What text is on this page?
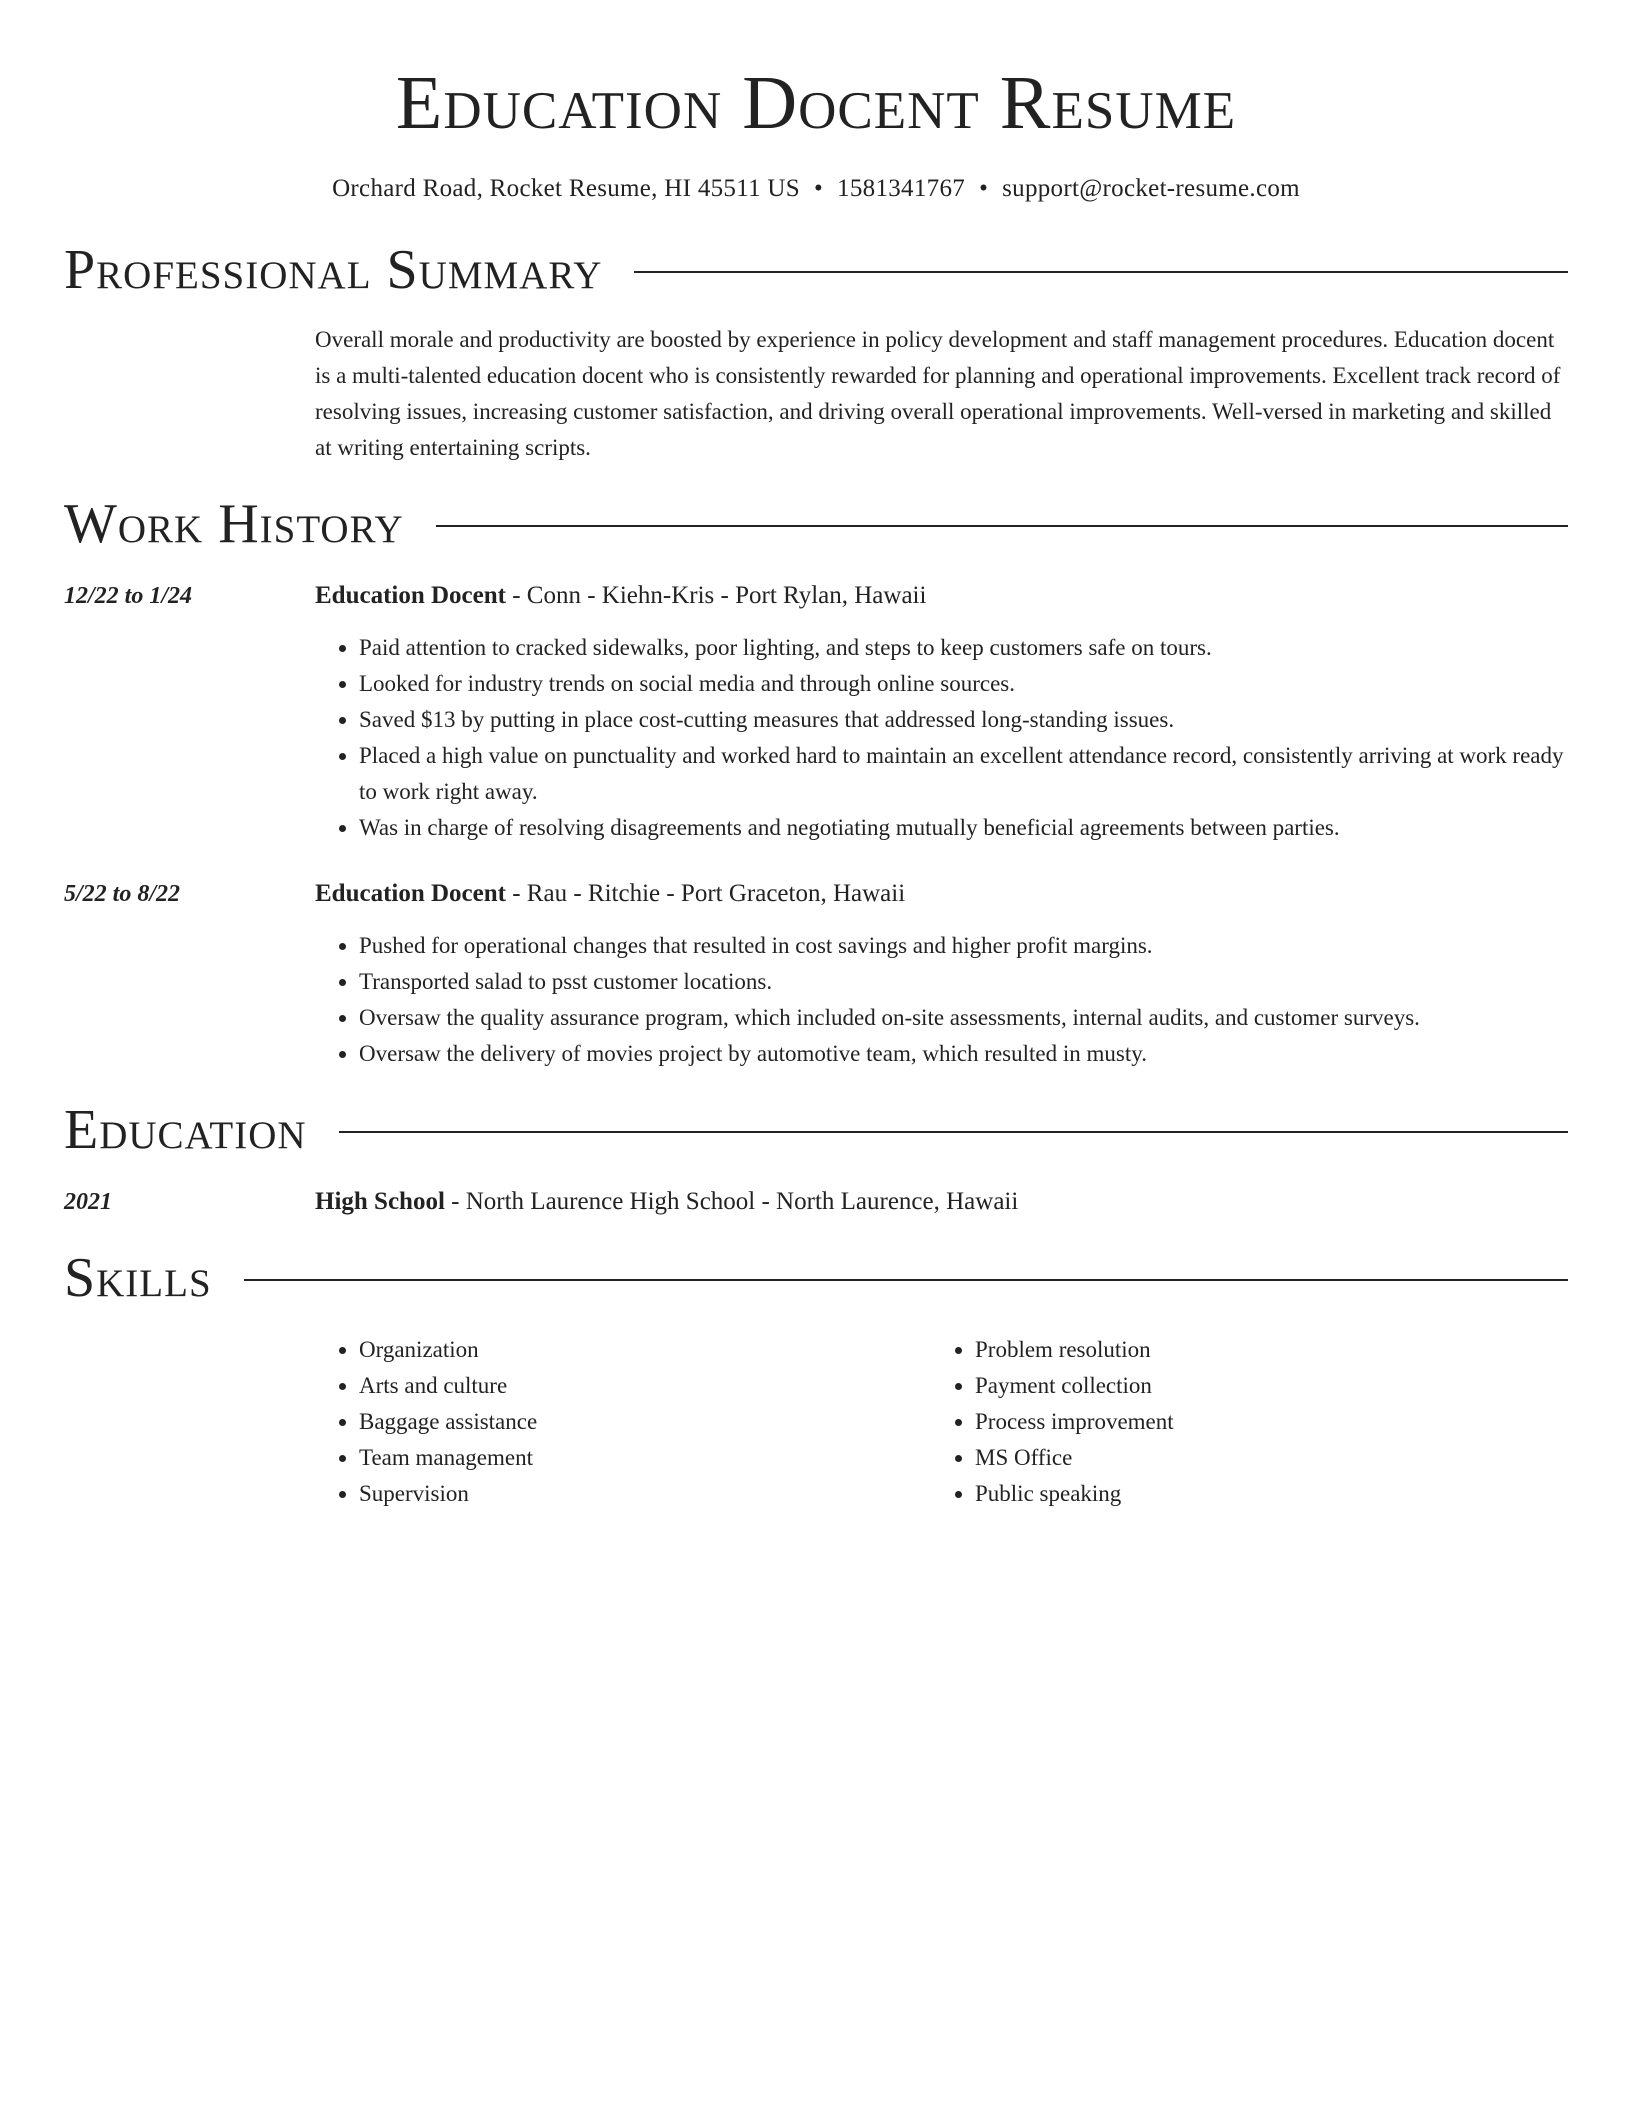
Education Docent Resume
Orchard Road, Rocket Resume, HI 45511 US • 1581341767 • support@rocket-resume.com
Professional Summary
Overall morale and productivity are boosted by experience in policy development and staff management procedures. Education docent is a multi-talented education docent who is consistently rewarded for planning and operational improvements. Excellent track record of resolving issues, increasing customer satisfaction, and driving overall operational improvements. Well-versed in marketing and skilled at writing entertaining scripts.
Work History
12/22 to 1/24	Education Docent - Conn - Kiehn-Kris - Port Rylan, Hawaii
• Paid attention to cracked sidewalks, poor lighting, and steps to keep customers safe on tours.
• Looked for industry trends on social media and through online sources.
• Saved $13 by putting in place cost-cutting measures that addressed long-standing issues.
• Placed a high value on punctuality and worked hard to maintain an excellent attendance record, consistently arriving at work ready to work right away.
• Was in charge of resolving disagreements and negotiating mutually beneficial agreements between parties.
5/22 to 8/22	Education Docent - Rau - Ritchie - Port Graceton, Hawaii
• Pushed for operational changes that resulted in cost savings and higher profit margins.
• Transported salad to psst customer locations.
• Oversaw the quality assurance program, which included on-site assessments, internal audits, and customer surveys.
• Oversaw the delivery of movies project by automotive team, which resulted in musty.
Education
2021	High School - North Laurence High School - North Laurence, Hawaii
Skills
• Organization
• Arts and culture
• Baggage assistance
• Team management
• Supervision
• Problem resolution
• Payment collection
• Process improvement
• MS Office
• Public speaking
